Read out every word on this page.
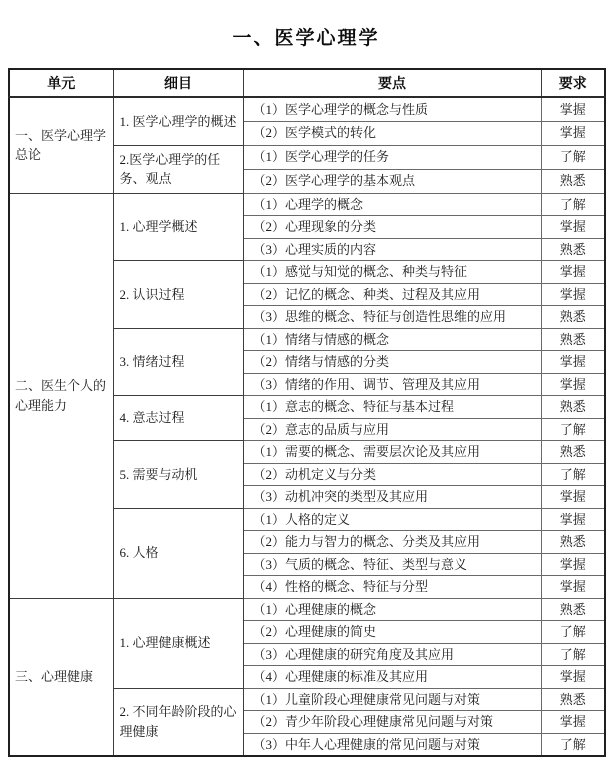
一、医学心理学
单元	细目	要点	要求
一、医学心理学总论	1. 医学心理学的概述	（1）医学心理学的概念与性质	掌握
		（2）医学模式的转化	掌握
	2.医学心理学的任务、观点	（1）医学心理学的任务	了解
		（2）医学心理学的基本观点	熟悉
二、医生个人的心理能力	1. 心理学概述	（1）心理学的概念	了解
		（2）心理现象的分类	掌握
		（3）心理实质的内容	熟悉
	2. 认识过程	（1）感觉与知觉的概念、种类与特征	掌握
		（2）记忆的概念、种类、过程及其应用	掌握
		（3）思维的概念、特征与创造性思维的应用	熟悉
	3. 情绪过程	（1）情绪与情感的概念	熟悉
		（2）情绪与情感的分类	掌握
		（3）情绪的作用、调节、管理及其应用	掌握
	4. 意志过程	（1）意志的概念、特征与基本过程	熟悉
		（2）意志的品质与应用	了解
	5. 需要与动机	（1）需要的概念、需要层次论及其应用	熟悉
		（2）动机定义与分类	了解
		（3）动机冲突的类型及其应用	掌握
	6. 人格	（1）人格的定义	掌握
		（2）能力与智力的概念、分类及其应用	熟悉
		（3）气质的概念、特征、类型与意义	掌握
		（4）性格的概念、特征与分型	掌握
三、心理健康	1. 心理健康概述	（1）心理健康的概念	熟悉
		（2）心理健康的简史	了解
		（3）心理健康的研究角度及其应用	了解
		（4）心理健康的标准及其应用	掌握
	2. 不同年龄阶段的心理健康	（1）儿童阶段心理健康常见问题与对策	熟悉
		（2）青少年阶段心理健康常见问题与对策	掌握
		（3）中年人心理健康的常见问题与对策	了解
